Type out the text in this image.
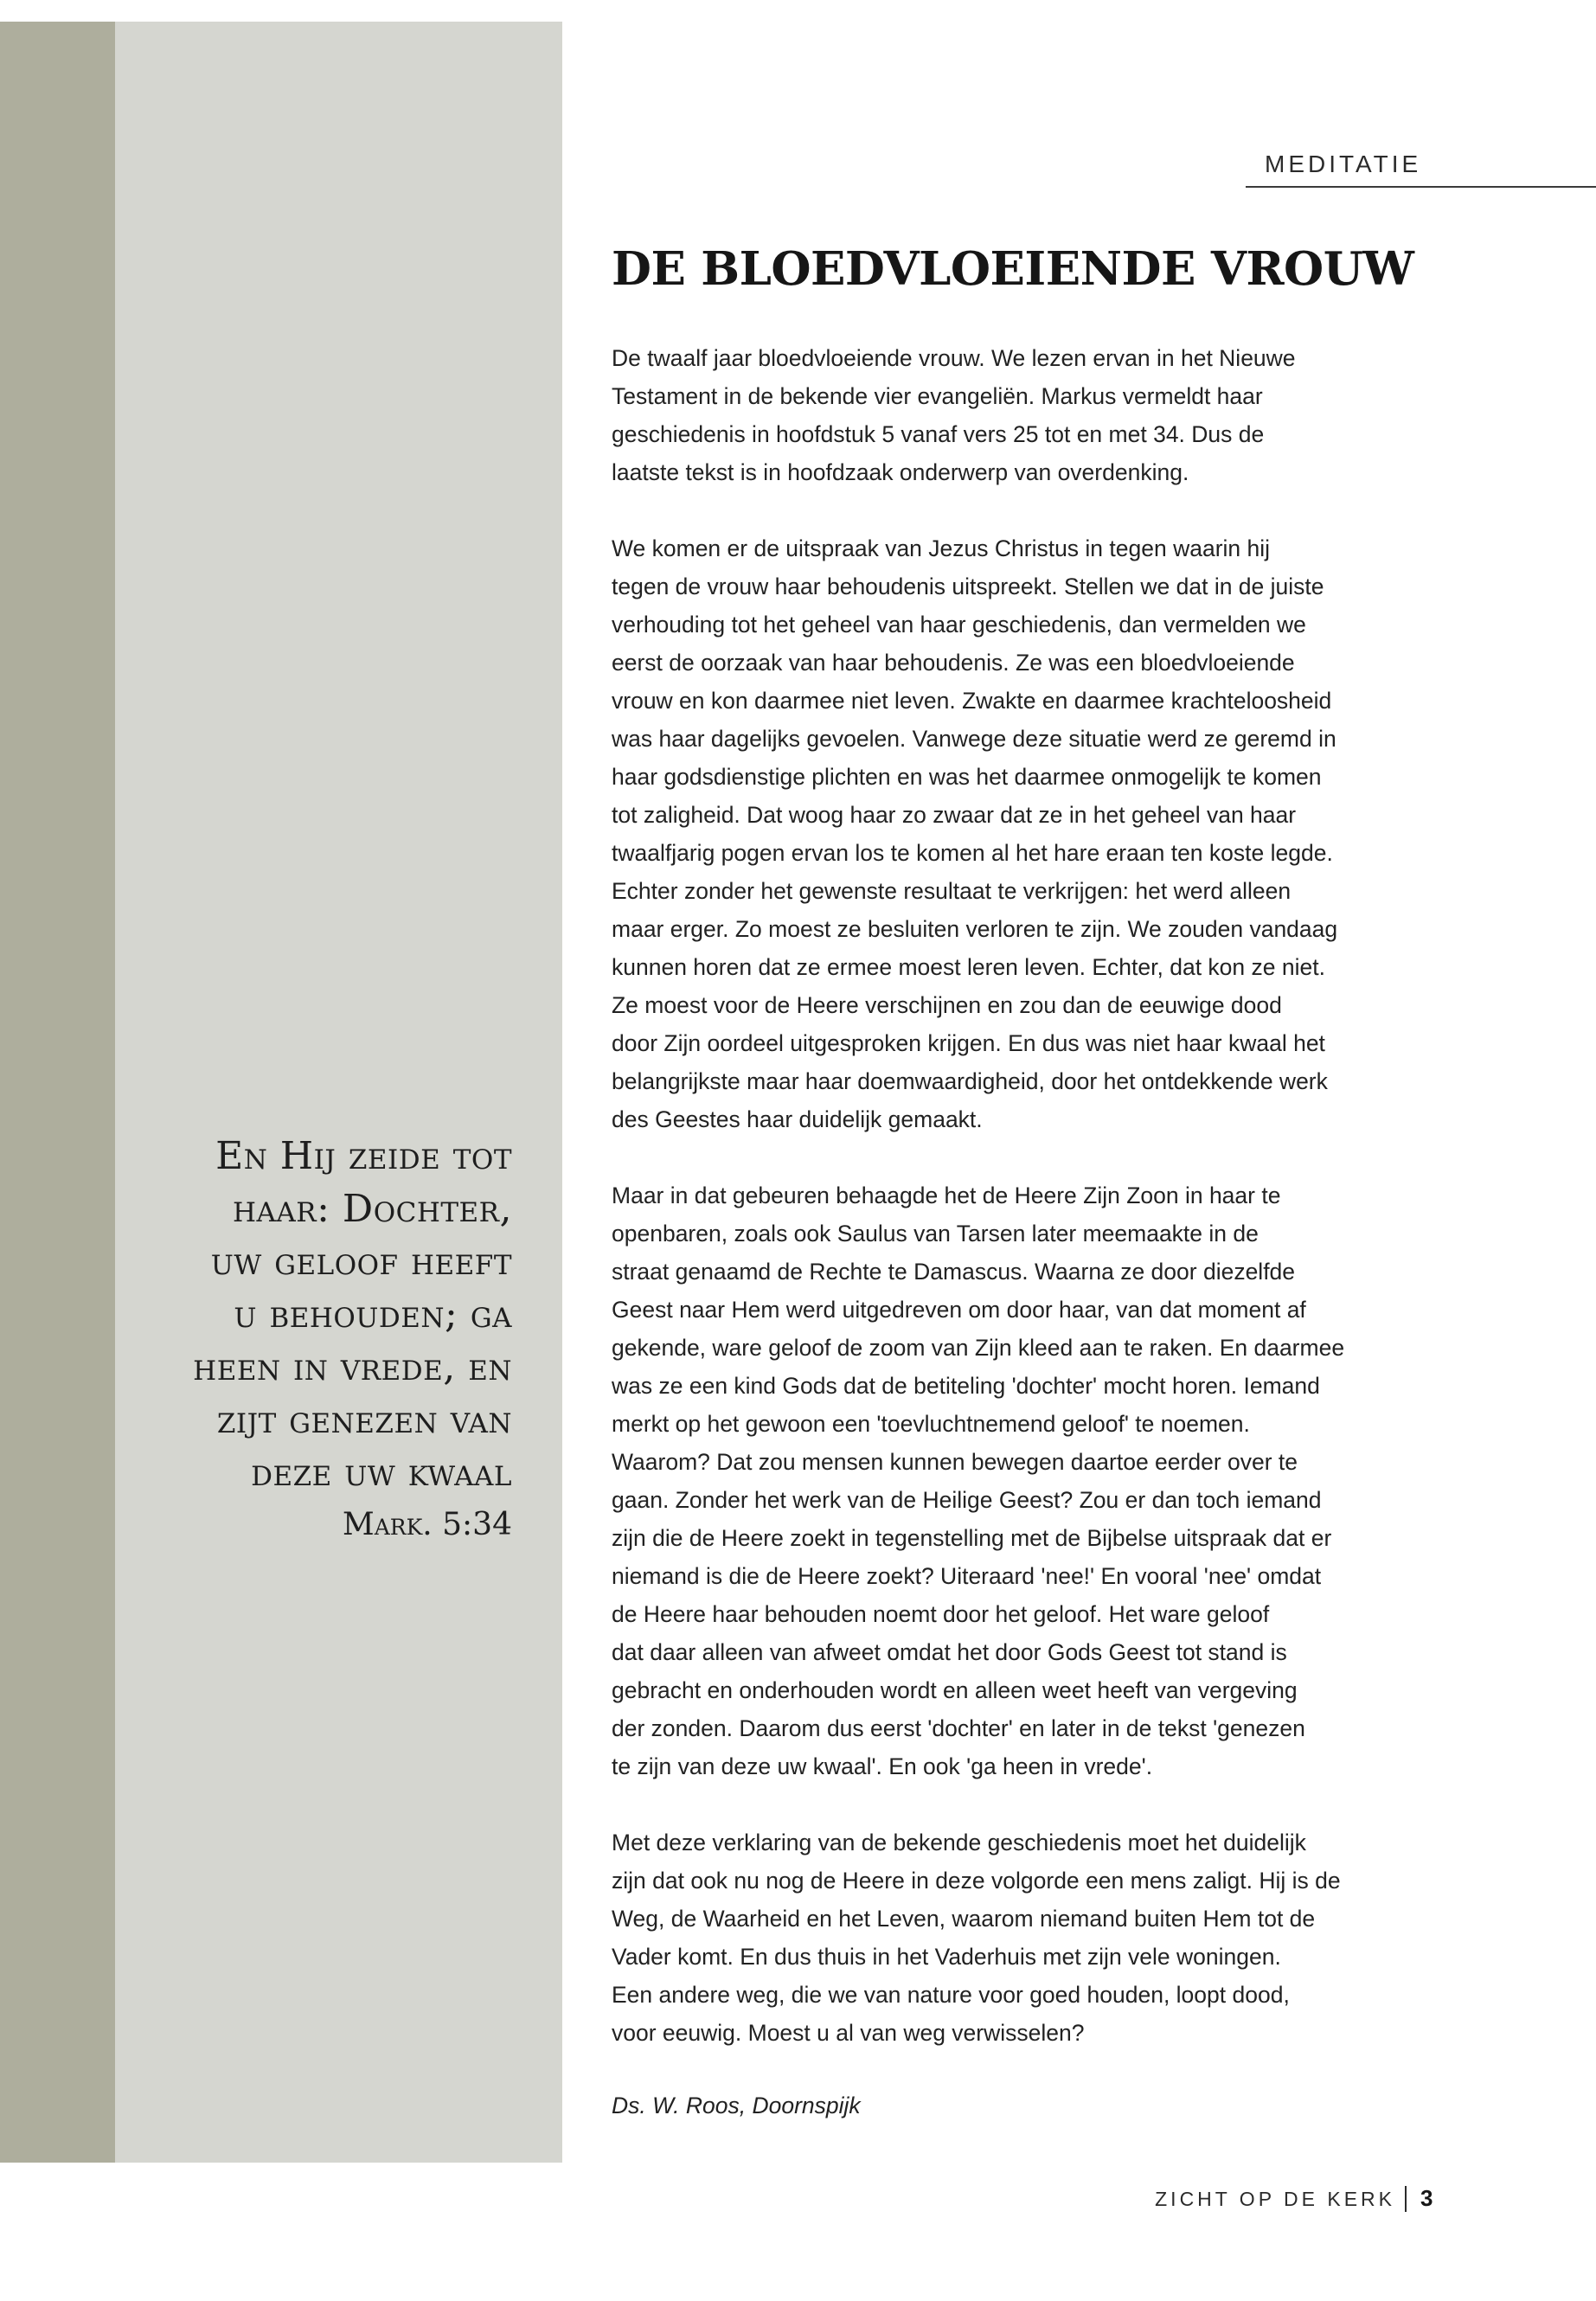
MEDITATIE
DE BLOEDVLOEIENDE VROUW
De twaalf jaar bloedvloeiende vrouw. We lezen ervan in het Nieuwe
Testament in de bekende vier evangeliën. Markus vermeldt haar
geschiedenis in hoofdstuk 5 vanaf vers 25 tot en met 34. Dus de
laatste tekst is in hoofdzaak onderwerp van overdenking.
We komen er de uitspraak van Jezus Christus in tegen waarin hij
tegen de vrouw haar behoudenis uitspreekt. Stellen we dat in de juiste
verhouding tot het geheel van haar geschiedenis, dan vermelden we
eerst de oorzaak van haar behoudenis. Ze was een bloedvloeiende
vrouw en kon daarmee niet leven. Zwakte en daarmee krachteloosheid
was haar dagelijks gevoelen. Vanwege deze situatie werd ze geremd in
haar godsdienstige plichten en was het daarmee onmogelijk te komen
tot zaligheid. Dat woog haar zo zwaar dat ze in het geheel van haar
twaalfjarig pogen ervan los te komen al het hare eraan ten koste legde.
Echter zonder het gewenste resultaat te verkrijgen: het werd alleen
maar erger. Zo moest ze besluiten verloren te zijn. We zouden vandaag
kunnen horen dat ze ermee moest leren leven. Echter, dat kon ze niet.
Ze moest voor de Heere verschijnen en zou dan de eeuwige dood
door Zijn oordeel uitgesproken krijgen. En dus was niet haar kwaal het
belangrijkste maar haar doemwaardigheid, door het ontdekkende werk
des Geestes haar duidelijk gemaakt.
Maar in dat gebeuren behaagde het de Heere Zijn Zoon in haar te
openbaren, zoals ook Saulus van Tarsen later meemaakte in de
straat genaamd de Rechte te Damascus. Waarna ze door diezelfde
Geest naar Hem werd uitgedreven om door haar, van dat moment af
gekende, ware geloof de zoom van Zijn kleed aan te raken. En daarmee
was ze een kind Gods dat de betiteling 'dochter' mocht horen. Iemand
merkt op het gewoon een 'toevluchtnemend geloof' te noemen.
Waarom? Dat zou mensen kunnen bewegen daartoe eerder over te
gaan. Zonder het werk van de Heilige Geest? Zou er dan toch iemand
zijn die de Heere zoekt in tegenstelling met de Bijbelse uitspraak dat er
niemand is die de Heere zoekt? Uiteraard 'nee!' En vooral 'nee' omdat
de Heere haar behouden noemt door het geloof. Het ware geloof
dat daar alleen van afweet omdat het door Gods Geest tot stand is
gebracht en onderhouden wordt en alleen weet heeft van vergeving
der zonden. Daarom dus eerst 'dochter' en later in de tekst 'genezen
te zijn van deze uw kwaal'. En ook 'ga heen in vrede'.
Met deze verklaring van de bekende geschiedenis moet het duidelijk
zijn dat ook nu nog de Heere in deze volgorde een mens zaligt. Hij is de
Weg, de Waarheid en het Leven, waarom niemand buiten Hem tot de
Vader komt. En dus thuis in het Vaderhuis met zijn vele woningen.
Een andere weg, die we van nature voor goed houden, loopt dood,
voor eeuwig. Moest u al van weg verwisselen?

Ds. W. Roos, Doornspijk

En Hij zeide tot
haar: Dochter,
uw geloof heeft
u behouden; ga
heen in vrede, en
zijt genezen van
deze uw kwaal
Mark. 5:34
ZICHT OP DE KERK 3
